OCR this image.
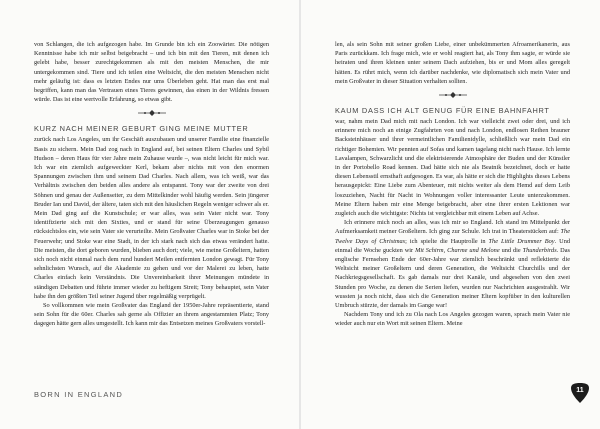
von Schlangen, die ich aufgezogen habe. Im Grunde bin ich ein Zoowärter. Die nötigen Kenntnisse habe ich mir selbst beigebracht – und ich bin mit den Tieren, mit denen ich gelebt habe, besser zurechtgekommen als mit den meisten Menschen, die mir untergekommen sind. Tiere und ich teilen eine Weltsicht, die den meisten Menschen nicht mehr geläufig ist: dass es letzten Endes nur ums Überleben geht. Hat man das erst mal begriffen, kann man das Vertrauen eines Tieres gewinnen, das einen in der Wildnis fressen würde. Das ist eine wertvolle Erfahrung, so etwas gibt.

KURZ NACH MEINER GEBURT GING MEINE MUTTER

zurück nach Los Angeles, um ihr Geschäft auszubauen und unserer Familie eine finanzielle Basis zu sichern. Mein Dad zog nach in England auf, bei seinen Eltern Charles und Sybil Hudson – deren Haus für vier Jahre mein Zuhause wurde –, was nicht leicht für mich war. Ich war ein ziemlich aufgeweckter Kerl, bekam aber nichts mit von den enormen Spannungen zwischen ihm und seinem Dad Charles. Nach allem, was ich weiß, war das Verhältnis zwischen den beiden alles andere als entspannt. Tony war der zweite von drei Söhnen und genau der Außenseiter, zu dem Mittelkinder wohl häufig werden. Sein jüngerer Bruder Ian und David, der ältere, taten sich mit den häuslichen Regeln weniger schwer als er. Mein Dad ging auf die Kunstschule; er war alles, was sein Vater nicht war. Tony identifizierte sich mit den Sixties, und er stand für seine Überzeugungen genauso rücksichtslos ein, wie sein Vater sie verurteilte. Mein Großvater Charles war in Stoke bei der Feuerwehr; und Stoke war eine Stadt, in der ich stark nach sich das etwas verändert hatte. Die meisten, die dort geboren wurden, blieben auch dort; viele, wie meine Großeltern, hatten sich noch nicht einmal nach dem rund hundert Meilen entfernten London gewagt. Für Tony sehnlichsten Wunsch, auf die Akademie zu gehen und vor der Malerei zu leben, hatte Charles einfach kein Verständnis. Die Unvereinbarkeit ihrer Meinungen mündete in ständigen Debatten und führte immer wieder zu heftigem Streit; Tony behauptet, sein Vater habe ihn den größten Teil seiner Jugend über regelmäßig verprügelt.

So vollkommen wie mein Großvater das England der 1950er-Jahre repräsentierte, stand sein Sohn für die 60er. Charles sah gerne als Offizier an ihrem angestammten Platz; Tony dagegen hätte gern alles umgestellt. Ich kann mir das Entsetzen meines Großvaters vorstell-

BORN IN ENGLAND

len, als sein Sohn mit seiner großen Liebe, einer unbekümmerten Afroamerikanerin, aus Paris zurückkam. Ich frage mich, wie er wohl reagiert hat, als Tony ihm sagte, er würde sie heiraten und ihren kleinen unter seinem Dach aufziehen, bis er und Mom alles geregelt hätten. Es rührt mich, wenn ich darüber nachdenke, wie diplomatisch sich mein Vater und mein Großvater in dieser Situation verhalten sollten.

KAUM DASS ICH ALT GENUG FÜR EINE BAHNFAHRT

war, nahm mein Dad mich mit nach London. Ich war vielleicht zwei oder drei, und ich erinnere mich noch an einige Zugfahrten von und nach London, endlosen Reihen brauner Backsteinhäuser und ihrer vermeintlichen Familienidylle, schließlich war mein Dad ein richtiger Bohemien. Wir pennten auf Sofas und kamen tagelang nicht nach Hause. Ich lernte Lavalampen, Schwarzlicht und die elektrisierende Atmosphäre der Buden und der Künstler in der Portobello Road kennen. Dad hätte sich nie als Beatnik bezeichnet, doch er hatte diesen Lebensstil ernsthaft aufgesogen. Es war, als hätte er sich die Highlights dieses Lebens herausgepickt: Eine Liebe zum Abenteuer, mit nichts weiter als dem Hemd auf dem Leib loszuziehen, Nacht für Nacht in Wohnungen voller interessanter Leute unterzukommen. Meine Eltern haben mir eine Menge beigebracht, aber eine ihrer ersten Lektionen war zugleich auch die wichtigste: Nichts ist vergleichbar mit einem Leben auf Achse.

Ich erinnere mich noch an alles, was ich mir so England. Ich stand im Mittelpunkt der Aufmerksamkeit meiner Großeltern. Ich ging zur Schule. Ich trat in Theaterstücken auf: The Twelve Days of Christmas; ich spielte die Hauptrolle in The Little Drummer Boy. Und einmal die Woche guckten wir Mit Schirm, Charme und Melone und die Thunderbirds. Das englische Fernsehen Ende der 60er-Jahre war ziemlich beschränkt und reflektierte die Weltsicht meiner Großeltern und deren Generation, die Weltsicht Churchills und der Nachkriegsgesellschaft. Es gab damals nur drei Kanäle, und abgesehen von den zwei Stunden pro Woche, zu denen die Serien liefen, wurden nur Nachrichten ausgestrahlt. Wir wussten ja noch nicht, dass sich die Generation meiner Eltern kopfüber in den kulturellen Umbruch stürzte, der damals im Gange war!

Nachdem Tony und ich zu Ola nach Los Angeles gezogen waren, sprach mein Vater nie wieder auch nur ein Wort mit seinen Eltern. Meine

11
